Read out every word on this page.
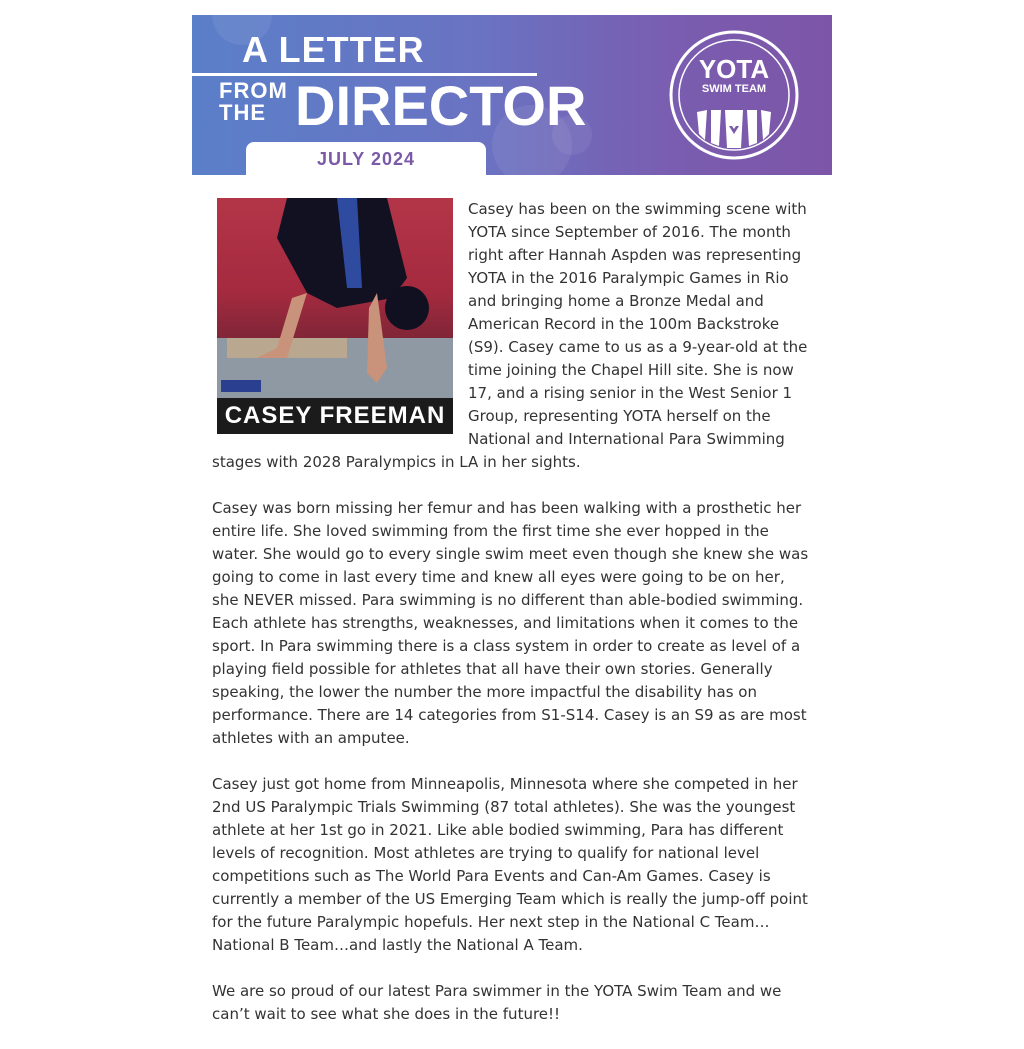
A LETTER
FROM
THE DIRECTOR
JULY 2024
YOTA
SWIM TEAM
CASEY FREEMAN

Casey has been on the swimming scene with YOTA since September of 2016. The month right after Hannah Aspden was representing YOTA in the 2016 Paralympic Games in Rio and bringing home a Bronze Medal and American Record in the 100m Backstroke (S9). Casey came to us as a 9-year-old at the time joining the Chapel Hill site. She is now 17, and a rising senior in the West Senior 1 Group, representing YOTA herself on the National and International Para Swimming stages with 2028 Paralympics in LA in her sights.

Casey was born missing her femur and has been walking with a prosthetic her entire life. She loved swimming from the first time she ever hopped in the water. She would go to every single swim meet even though she knew she was going to come in last every time and knew all eyes were going to be on her, she NEVER missed. Para swimming is no different than able-bodied swimming. Each athlete has strengths, weaknesses, and limitations when it comes to the sport. In Para swimming there is a class system in order to create as level of a playing field possible for athletes that all have their own stories. Generally speaking, the lower the number the more impactful the disability has on performance. There are 14 categories from S1-S14. Casey is an S9 as are most athletes with an amputee.

Casey just got home from Minneapolis, Minnesota where she competed in her 2nd US Paralympic Trials Swimming (87 total athletes). She was the youngest athlete at her 1st go in 2021. Like able bodied swimming, Para has different levels of recognition. Most athletes are trying to qualify for national level competitions such as The World Para Events and Can-Am Games. Casey is currently a member of the US Emerging Team which is really the jump-off point for the future Paralympic hopefuls. Her next step in the National C Team…National B Team…and lastly the National A Team.

We are so proud of our latest Para swimmer in the YOTA Swim Team and we can’t wait to see what she does in the future!!
